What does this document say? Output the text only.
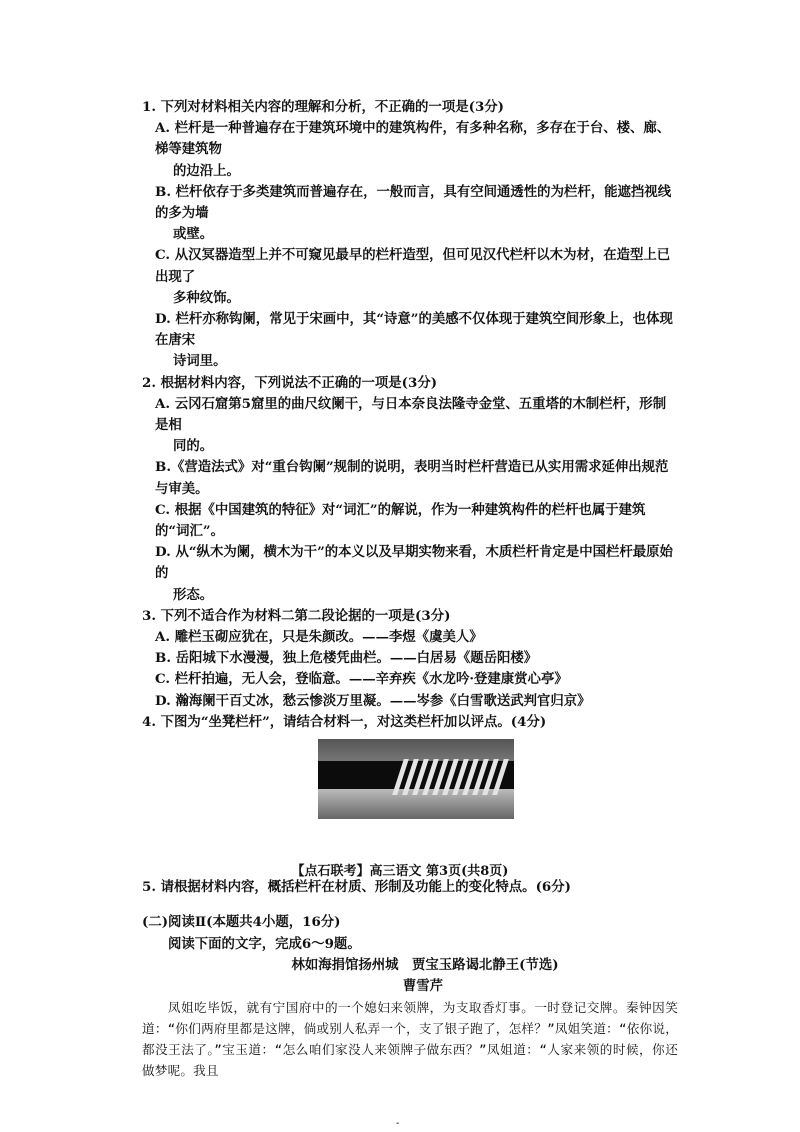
1. 下列对材料相关内容的理解和分析，不正确的一项是(3分)

A. 栏杆是一种普遍存在于建筑环境中的建筑构件，有多种名称，多存在于台、楼、廊、梯等建筑物
的边沿上。

B. 栏杆依存于多类建筑而普遍存在，一般而言，具有空间通透性的为栏杆，能遮挡视线的多为墙
或壁。

C. 从汉冥器造型上并不可窥见最早的栏杆造型，但可见汉代栏杆以木为材，在造型上已出现了
多种纹饰。

D. 栏杆亦称钩阑，常见于宋画中，其“诗意”的美感不仅体现于建筑空间形象上，也体现在唐宋
诗词里。

2. 根据材料内容，下列说法不正确的一项是(3分)

A. 云冈石窟第5窟里的曲尺纹阑干，与日本奈良法隆寺金堂、五重塔的木制栏杆，形制是相
同的。

B.《营造法式》对“重台钩阑”规制的说明，表明当时栏杆营造已从实用需求延伸出规范与审美。

C. 根据《中国建筑的特征》对“词汇”的解说，作为一种建筑构件的栏杆也属于建筑的“词汇”。

D. 从“纵木为阑，横木为干”的本义以及早期实物来看，木质栏杆肯定是中国栏杆最原始的
形态。

3. 下列不适合作为材料二第二段论据的一项是(3分)

A. 雕栏玉砌应犹在，只是朱颜改。——李煜《虞美人》

B. 岳阳城下水漫漫，独上危楼凭曲栏。——白居易《题岳阳楼》

C. 栏杆拍遍，无人会，登临意。——辛弃疾《水龙吟·登建康赏心亭》

D. 瀚海阑干百丈冰，愁云惨淡万里凝。——岑参《白雪歌送武判官归京》

4. 下图为“坐凳栏杆”，请结合材料一，对这类栏杆加以评点。(4分)

5. 请根据材料内容，概括栏杆在材质、形制及功能上的变化特点。(6分)

(二)阅读Ⅱ(本题共4小题，16分)
阅读下面的文字，完成6～9题。
林如海捐馆扬州城　贾宝玉路谒北静王(节选)
曹雪芹

凤姐吃毕饭，就有宁国府中的一个媳妇来领牌，为支取香灯事。一时登记交牌。秦钟因笑道：“你们两府里都是这牌，倘或别人私弄一个，支了银子跑了，怎样？”凤姐笑道：“依你说，都没王法了。”宝玉道：“怎么咱们家没人来领牌子做东西？”凤姐道：“人家来领的时候，你还做梦呢。我且

【点石联考】高三语文 第3页(共8页)
-
